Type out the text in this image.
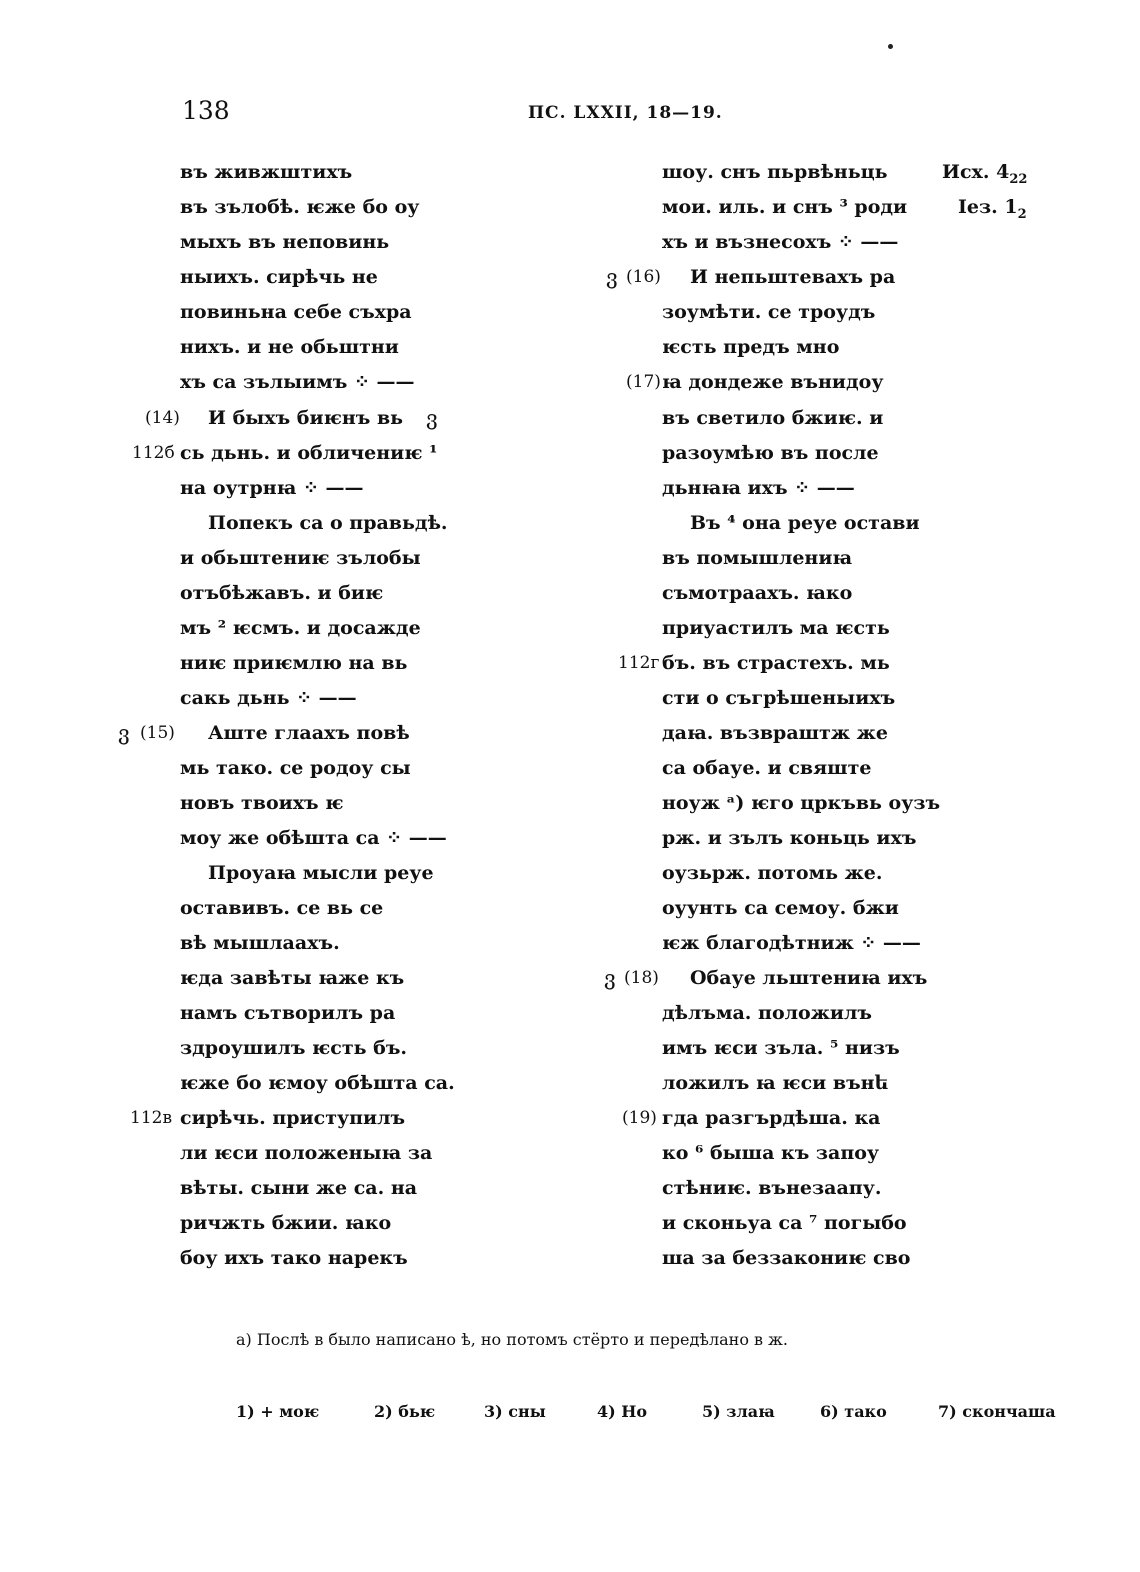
138	ПС. LXXII, 18—19.
въ живжштихъ
въ зълобѣ. ѥже бо оу
мыхъ въ неповинь
ныихъ. сирѣчь не
повиньна себе съхра
нихъ. и не обьштни
хъ са зълыимъ ⁘ ——
И быхъ биѥнъ вь
сь дьнь. и обличениѥ ¹
на оутрнꙗ ⁘ ——
Попекъ са о правьдѣ.
и обьштениѥ зълобы
отъбѣжавъ. и биѥ
мъ ² ѥсмъ. и досажде
ниѥ приѥмлю на вь
сакь дьнь ⁘ ——
Аште глаахъ повѣ
мь тако. се родоу сы
новъ твоихъ ѥ
моу же обѣшта са ⁘ ——
Проуаꙗ мысли реуе
оставивъ. се вь се
вѣ мышлаахъ.
ѥда завѣты ꙗже къ
намъ сътворилъ ра
здроушилъ ѥсть бъ.
ѥже бо ѥмоу обѣшта са.
сирѣчь. приступилъ
ли ѥси положеныꙗ за
вѣты. сыни же са. на
ричжть бжии. ꙗко
боу ихъ тако нарекъ
(14)	ვ
112б
ვ (15)
112в
шоу. снъ пьрвѣньць
мои. иль. и снъ ³ роди
хъ и възнесохъ ⁘ ——
И непьштевахъ ра
зоумѣти. се троудъ
ѥсть предъ мно
ꙗ дондеже вънидоу
въ светило бжиѥ. и
разоумѣю въ после
дьнꙗꙗ ихъ ⁘ ——
Въ ⁴ она реуе остави
въ помышлениꙗ
съмотраахъ. ꙗко
приуастилъ ма ѥсть
бъ. въ страстехъ. мь
сти о съгрѣшеныихъ
даꙗ. възвраштж же
са обауе. и свяште
ноуж ᵃ) ѥго цркъвь оузъ
рж. и зълъ коньць ихъ
оузьрж. потомь же.
оуунть са семоу. бжи
ѥж благодѣтниж ⁘ ——
Обауе льштениꙗ ихъ
дѣлъма. положилъ
имъ ѥси зъла. ⁵ низъ
ложилъ ꙗ ѥси вънե
гда разгърдѣша. ка
ко ⁶ быша къ запоу
стѣниѥ. вънезаапу.
и сконьуа са ⁷ погыбо
ша за беззакониѥ сво
ვ (16)
(17)
112г
ვ (18)
(19)
Исх. $4_{22}$
Іез. $1_2$
а) Послѣ в было написано ѣ, но потомъ стёрто и передѣлано в ж.
1) + моѥ	2) бьѥ	3) сны	4) Но	5) злаꙗ	6) тако	7) скончаша
